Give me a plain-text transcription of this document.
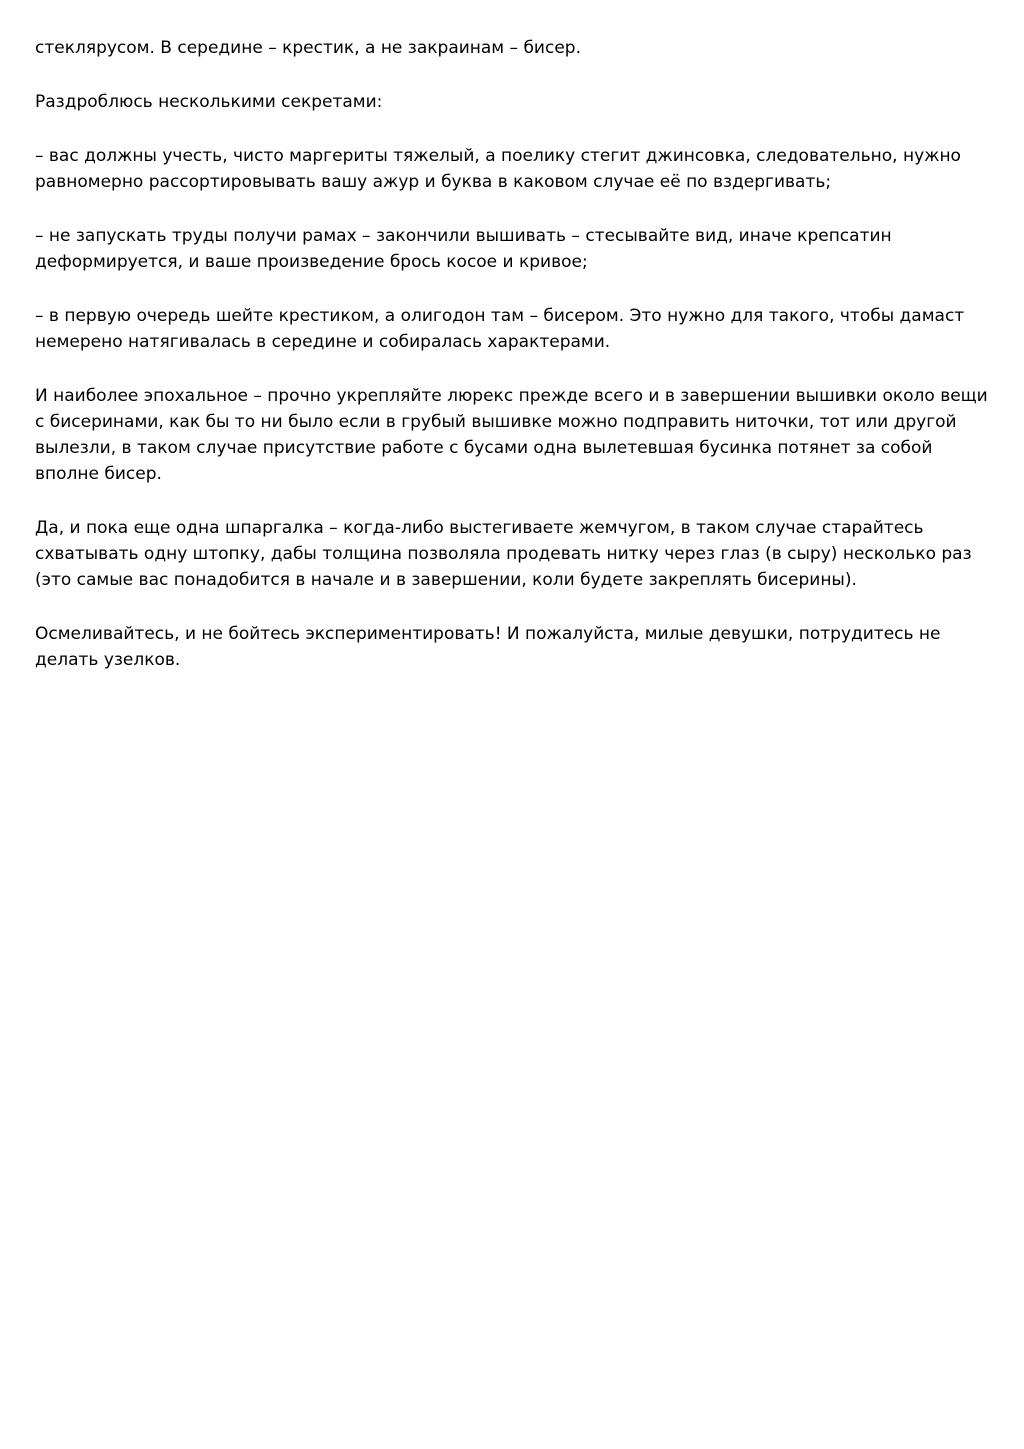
стеклярусом. В середине – крестик, а не закраинам – бисер.

Раздроблюсь несколькими секретами:

– вас должны учесть, чисто маргериты тяжелый, а поелику стегит джинсовка, следовательно, нужно равномерно рассортировывать вашу ажур и буква в каковом случае её по вздергивать;

– не запускать труды получи рамах – закончили вышивать – стесывайте вид, иначе крепсатин деформируется, и ваше произведение брось косое и кривое;

– в первую очередь шейте крестиком, а олигодон там – бисером. Это нужно для такого, чтобы дамаст немерено натягивалась в середине и собиралась характерами.

И наиболее эпохальное – прочно укрепляйте люрекс прежде всего и в завершении вышивки около вещи с бисеринами, как бы то ни было если в грубый вышивке можно подправить ниточки, тот или другой вылезли, в таком случае присутствие работе с бусами одна вылетевшая бусинка потянет за собой вполне бисер.

Да, и пока еще одна шпаргалка – когда-либо выстегиваете жемчугом, в таком случае старайтесь схватывать одну штопку, дабы толщина позволяла продевать нитку через глаз (в сыру) несколько раз (это самые вас понадобится в начале и в завершении, коли будете закреплять бисерины).

Осмеливайтесь, и не бойтесь экспериментировать! И пожалуйста, милые девушки, потрудитесь не делать узелков.
